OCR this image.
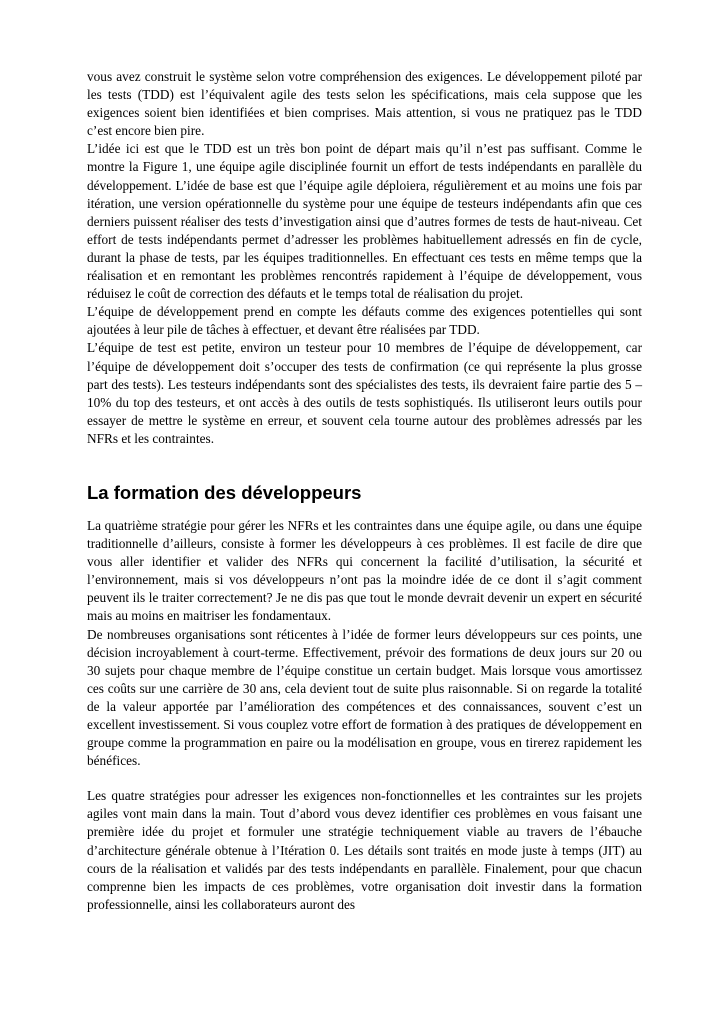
vous avez construit le système selon votre compréhension des exigences. Le développement piloté par les tests (TDD) est l’équivalent agile des tests selon les spécifications, mais cela suppose que les exigences soient bien identifiées et bien comprises. Mais attention, si vous ne pratiquez pas le TDD c’est encore bien pire.

L’idée ici est que le TDD est un très bon point de départ mais qu’il n’est pas suffisant. Comme le montre la Figure 1, une équipe agile disciplinée fournit un effort de tests indépendants en parallèle du développement. L’idée de base est que l’équipe agile déploiera, régulièrement et au moins une fois par itération, une version opérationnelle du système pour une équipe de testeurs indépendants afin que ces derniers puissent réaliser des tests d’investigation ainsi que d’autres formes de tests de haut-niveau. Cet effort de tests indépendants permet d’adresser les problèmes habituellement adressés en fin de cycle, durant la phase de tests, par les équipes traditionnelles. En effectuant ces tests en même temps que la réalisation et en remontant les problèmes rencontrés rapidement à l’équipe de développement, vous réduisez le coût de correction des défauts et le temps total de réalisation du projet.

L’équipe de développement prend en compte les défauts comme des exigences potentielles qui sont ajoutées à leur pile de tâches à effectuer, et devant être réalisées par TDD.

L’équipe de test est petite, environ un testeur pour 10 membres de l’équipe de développement, car l’équipe de développement doit s’occuper des tests de confirmation (ce qui représente la plus grosse part des tests). Les testeurs indépendants sont des spécialistes des tests, ils devraient faire partie des 5 – 10% du top des testeurs, et ont accès à des outils de tests sophistiqués. Ils utiliseront leurs outils pour essayer de mettre le système en erreur, et souvent cela tourne autour des problèmes adressés par les NFRs et les contraintes.

La formation des développeurs

La quatrième stratégie pour gérer les NFRs et les contraintes dans une équipe agile, ou dans une équipe traditionnelle d’ailleurs, consiste à former les développeurs à ces problèmes. Il est facile de dire que vous aller identifier et valider des NFRs qui concernent la facilité d’utilisation, la sécurité et l’environnement, mais si vos développeurs n’ont pas la moindre idée de ce dont il s’agit comment peuvent ils le traiter correctement? Je ne dis pas que tout le monde devrait devenir un expert en sécurité mais au moins en maitriser les fondamentaux.

De nombreuses organisations sont réticentes à l’idée de former leurs développeurs sur ces points, une décision incroyablement à court-terme. Effectivement, prévoir des formations de deux jours sur 20 ou 30 sujets pour chaque membre de l’équipe constitue un certain budget. Mais lorsque vous amortissez ces coûts sur une carrière de 30 ans, cela devient tout de suite plus raisonnable. Si on regarde la totalité de la valeur apportée par l’amélioration des compétences et des connaissances, souvent c’est un excellent investissement. Si vous couplez votre effort de formation à des pratiques de développement en groupe comme la programmation en paire ou la modélisation en groupe, vous en tirerez rapidement les bénéfices.

Les quatre stratégies pour adresser les exigences non-fonctionnelles et les contraintes sur les projets agiles vont main dans la main. Tout d’abord vous devez identifier ces problèmes en vous faisant une première idée du projet et formuler une stratégie techniquement viable au travers de l’ébauche d’architecture générale obtenue à l’Itération 0. Les détails sont traités en mode juste à temps (JIT) au cours de la réalisation et validés par des tests indépendants en parallèle. Finalement, pour que chacun comprenne bien les impacts de ces problèmes, votre organisation doit investir dans la formation professionnelle, ainsi les collaborateurs auront des
